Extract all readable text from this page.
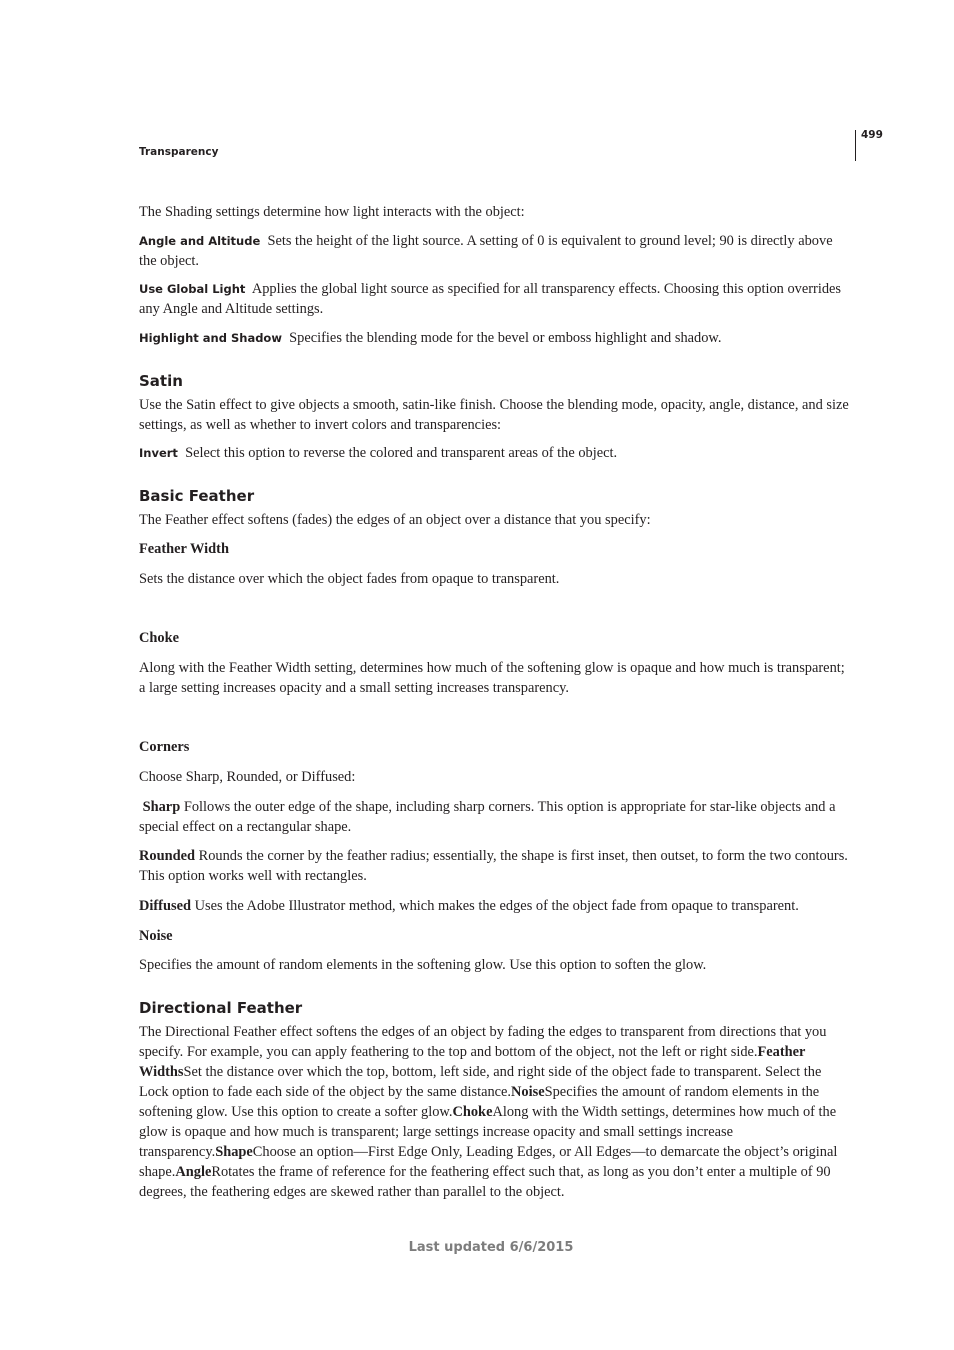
Transparency
499

The Shading settings determine how light interacts with the object:

Angle and Altitude Sets the height of the light source. A setting of 0 is equivalent to ground level; 90 is directly above the object.

Use Global Light Applies the global light source as specified for all transparency effects. Choosing this option overrides any Angle and Altitude settings.

Highlight and Shadow Specifies the blending mode for the bevel or emboss highlight and shadow.

Satin

Use the Satin effect to give objects a smooth, satin-like finish. Choose the blending mode, opacity, angle, distance, and size settings, as well as whether to invert colors and transparencies:

Invert Select this option to reverse the colored and transparent areas of the object.

Basic Feather

The Feather effect softens (fades) the edges of an object over a distance that you specify:

Feather Width

Sets the distance over which the object fades from opaque to transparent.

Choke

Along with the Feather Width setting, determines how much of the softening glow is opaque and how much is transparent; a large setting increases opacity and a small setting increases transparency.

Corners

Choose Sharp, Rounded, or Diffused:

Sharp Follows the outer edge of the shape, including sharp corners. This option is appropriate for star-like objects and a special effect on a rectangular shape.

Rounded Rounds the corner by the feather radius; essentially, the shape is first inset, then outset, to form the two contours. This option works well with rectangles.

Diffused Uses the Adobe Illustrator method, which makes the edges of the object fade from opaque to transparent.

Noise

Specifies the amount of random elements in the softening glow. Use this option to soften the glow.

Directional Feather

The Directional Feather effect softens the edges of an object by fading the edges to transparent from directions that you specify. For example, you can apply feathering to the top and bottom of the object, not the left or right side.Feather WidthsSet the distance over which the top, bottom, left side, and right side of the object fade to transparent. Select the Lock option to fade each side of the object by the same distance.NoiseSpecifies the amount of random elements in the softening glow. Use this option to create a softer glow.ChokeAlong with the Width settings, determines how much of the glow is opaque and how much is transparent; large settings increase opacity and small settings increase transparency.ShapeChoose an option—First Edge Only, Leading Edges, or All Edges—to demarcate the object’s original shape.AngleRotates the frame of reference for the feathering effect such that, as long as you don’t enter a multiple of 90 degrees, the feathering edges are skewed rather than parallel to the object.

Last updated 6/6/2015
